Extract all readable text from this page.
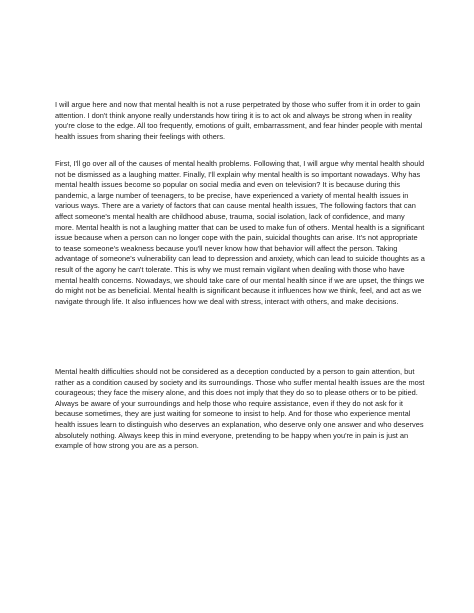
I will argue here and now that mental health is not a ruse perpetrated by those who suffer from it in order to gain attention. I don't think anyone really understands how tiring it is to act ok and always be strong when in reality you're close to the edge. All too frequently, emotions of guilt, embarrassment, and fear hinder people with mental health issues from sharing their feelings with others.

First, I'll go over all of the causes of mental health problems. Following that, I will argue why mental health should not be dismissed as a laughing matter. Finally, I'll explain why mental health is so important nowadays. Why has mental health issues become so popular on social media and even on television? It is because during this pandemic, a large number of teenagers, to be precise, have experienced a variety of mental health issues in various ways. There are a variety of factors that can cause mental health issues, The following factors that can affect someone's mental health are childhood abuse, trauma, social isolation, lack of confidence, and many more. Mental health is not a laughing matter that can be used to make fun of others. Mental health is a significant issue because when a person can no longer cope with the pain, suicidal thoughts can arise. It's not appropriate to tease someone's weakness because you'll never know how that behavior will affect the person. Taking advantage of someone's vulnerability can lead to depression and anxiety, which can lead to suicide thoughts as a result of the agony he can't tolerate. This is why we must remain vigilant when dealing with those who have mental health concerns. Nowadays, we should take care of our mental health since if we are upset, the things we do might not be as beneficial. Mental health is significant because it influences how we think, feel, and act as we navigate through life. It also influences how we deal with stress, interact with others, and make decisions.

Mental health difficulties should not be considered as a deception conducted by a person to gain attention, but rather as a condition caused by society and its surroundings. Those who suffer mental health issues are the most courageous; they face the misery alone, and this does not imply that they do so to please others or to be pitied. Always be aware of your surroundings and help those who require assistance, even if they do not ask for it because sometimes, they are just waiting for someone to insist to help. And for those who experience mental health issues learn to distinguish who deserves an explanation, who deserve only one answer and who deserves absolutely nothing. Always keep this in mind everyone, pretending to be happy when you're in pain is just an example of how strong you are as a person.
